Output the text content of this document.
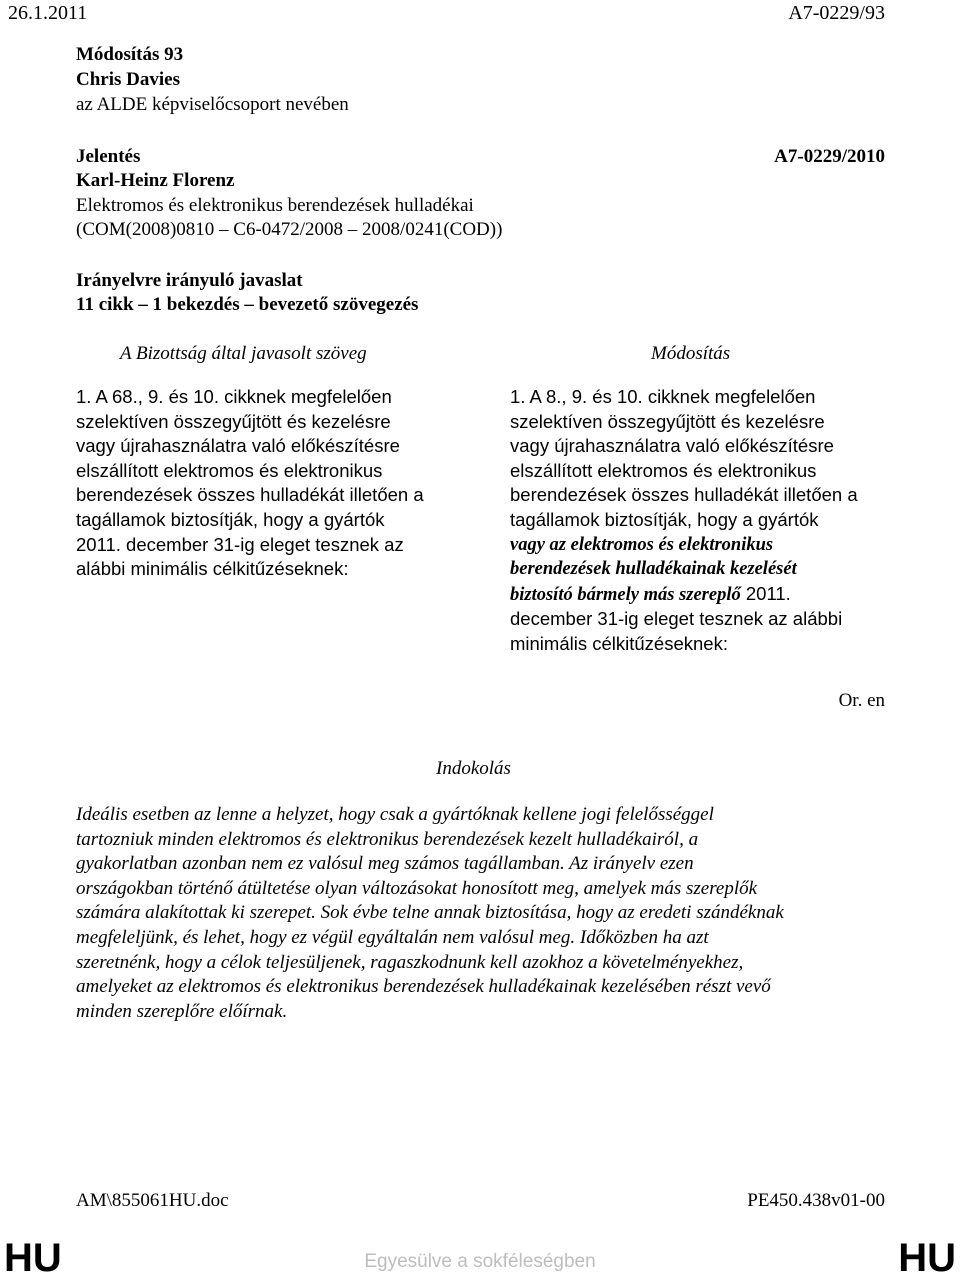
26.1.2011	A7-0229/93
Módosítás 93
Chris Davies
az ALDE képviselőcsoport nevében
Jelentés	A7-0229/2010
Karl-Heinz Florenz
Elektromos és elektronikus berendezések hulladékai
(COM(2008)0810 – C6-0472/2008 – 2008/0241(COD))
Irányelvre irányuló javaslat
11 cikk – 1 bekezdés – bevezető szövegezés
A Bizottság által javasolt szöveg	Módosítás
1. A 68., 9. és 10. cikknek megfelelően
szelektíven összegyűjtött és kezelésre
vagy újrahasználatra való előkészítésre
elszállított elektromos és elektronikus
berendezések összes hulladékát illetően a
tagállamok biztosítják, hogy a gyártók
2011. december 31-ig eleget tesznek az
alábbi minimális célkitűzéseknek:
1. A 8., 9. és 10. cikknek megfelelően
szelektíven összegyűjtött és kezelésre
vagy újrahasználatra való előkészítésre
elszállított elektromos és elektronikus
berendezések összes hulladékát illetően a
tagállamok biztosítják, hogy a gyártók
vagy az elektromos és elektronikus
berendezések hulladékainak kezelését
biztosító bármely más szereplő 2011.
december 31-ig eleget tesznek az alábbi
minimális célkitűzéseknek:
Or. en
Indokolás
Ideális esetben az lenne a helyzet, hogy csak a gyártóknak kellene jogi felelősséggel
tartozniuk minden elektromos és elektronikus berendezések kezelt hulladékairól, a
gyakorlatban azonban nem ez valósul meg számos tagállamban. Az irányelv ezen
országokban történő átültetése olyan változásokat honosított meg, amelyek más szereplők
számára alakítottak ki szerepet. Sok évbe telne annak biztosítása, hogy az eredeti szándéknak
megfeleljünk, és lehet, hogy ez végül egyáltalán nem valósul meg. Időközben ha azt
szeretnénk, hogy a célok teljesüljenek, ragaszkodnunk kell azokhoz a követelményekhez,
amelyeket az elektromos és elektronikus berendezések hulladékainak kezelésében részt vevő
minden szereplőre előírnak.
AM\855061HU.doc	PE450.438v01-00
HU	Egyesülve a sokféleségben	HU
